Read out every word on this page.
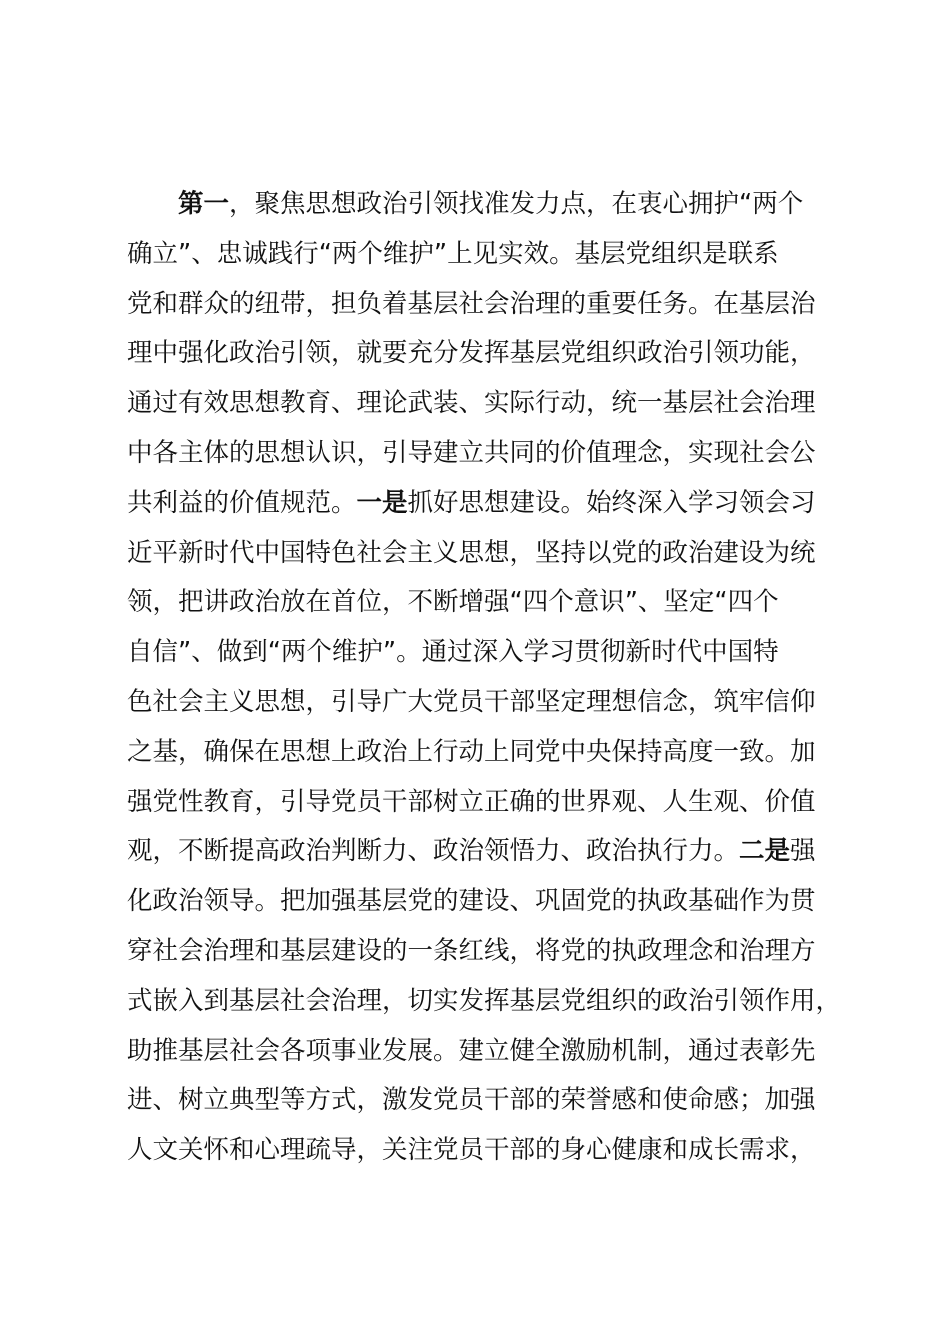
第一，聚焦思想政治引领找准发力点，在衷心拥护“两个
确立”、忠诚践行“两个维护”上见实效。基层党组织是联系
党和群众的纽带，担负着基层社会治理的重要任务。在基层治
理中强化政治引领，就要充分发挥基层党组织政治引领功能，
通过有效思想教育、理论武装、实际行动，统一基层社会治理
中各主体的思想认识，引导建立共同的价值理念，实现社会公
共利益的价值规范。一是抓好思想建设。始终深入学习领会习
近平新时代中国特色社会主义思想，坚持以党的政治建设为统
领，把讲政治放在首位，不断增强“四个意识”、坚定“四个
自信”、做到“两个维护”。通过深入学习贯彻新时代中国特
色社会主义思想，引导广大党员干部坚定理想信念，筑牢信仰
之基，确保在思想上政治上行动上同党中央保持高度一致。加
强党性教育，引导党员干部树立正确的世界观、人生观、价值
观，不断提高政治判断力、政治领悟力、政治执行力。二是强
化政治领导。把加强基层党的建设、巩固党的执政基础作为贯
穿社会治理和基层建设的一条红线，将党的执政理念和治理方
式嵌入到基层社会治理，切实发挥基层党组织的政治引领作用，
助推基层社会各项事业发展。建立健全激励机制，通过表彰先
进、树立典型等方式，激发党员干部的荣誉感和使命感；加强
人文关怀和心理疏导，关注党员干部的身心健康和成长需求，
